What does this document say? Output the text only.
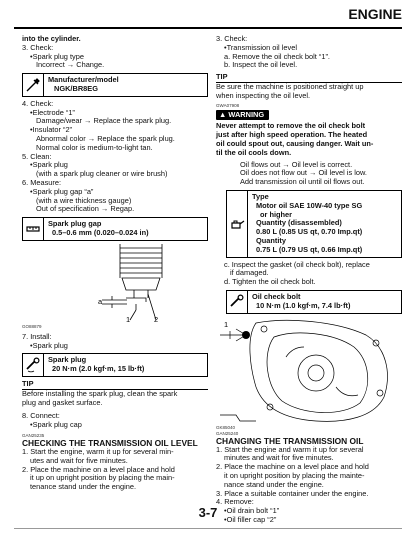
ENGINE
into the cylinder.
3. Check:
•Spark plug type
Incorrect → Change.
Manufacturer/model
NGK/BR8EG
4. Check:
•Electrode “1”
Damage/wear → Replace the spark plug.
•Insulator “2”
Abnormal color → Replace the spark plug.
Normal color is medium-to-light tan.
5. Clean:
•Spark plug
(with a spark plug cleaner or wire brush)
6. Measure:
•Spark plug gap “a”
(with a wire thickness gauge)
Out of specification → Regap.
Spark plug gap
0.5–0.6 mm (0.020–0.024 in)
a
1	2
GO88879
7. Install:
•Spark plug
Spark plug
20 N·m (2.0 kgf·m, 15 lb·ft)
TIP
Before installing the spark plug, clean the spark
plug and gasket surface.
8. Connect:
•Spark plug cap
GAN25235
CHECKING THE TRANSMISSION OIL LEVEL
1. Start the engine, warm it up for several min-
utes and wait for five minutes.
2. Place the machine on a level place and hold
it up on upright position by placing the main-
tenance stand under the engine.
3. Check:
•Transmission oil level
a. Remove the oil check bolt “1”.
b. Inspect the oil level.
TIP
Be sure the machine is positioned straight up
when inspecting the oil level.
GWA07908
▲ WARNING
Never attempt to remove the oil check bolt
just after high speed operation. The heated
oil could spout out, causing danger. Wait un-
til the oil cools down.
Oil flows out → Oil level is correct.
Oil does not flow out → Oil level is low.
Add transmission oil until oil flows out.
Type
Motor oil SAE 10W-40 type SG
or higher
Quantity (disassembled)
0.80 L (0.85 US qt, 0.70 Imp.qt)
Quantity
0.75 L (0.79 US qt, 0.66 Imp.qt)
c. Inspect the gasket (oil check bolt), replace
if damaged.
d. Tighten the oil check bolt.
Oil check bolt
10 N·m (1.0 kgf·m, 7.4 lb·ft)
1
GK85040
GAN25240
CHANGING THE TRANSMISSION OIL
1. Start the engine and warm it up for several
minutes and wait for five minutes.
2. Place the machine on a level place and hold
it on upright position by placing the mainte-
nance stand under the engine.
3. Place a suitable container under the engine.
4. Remove:
•Oil drain bolt “1”
•Oil filler cap “2”
3-7
